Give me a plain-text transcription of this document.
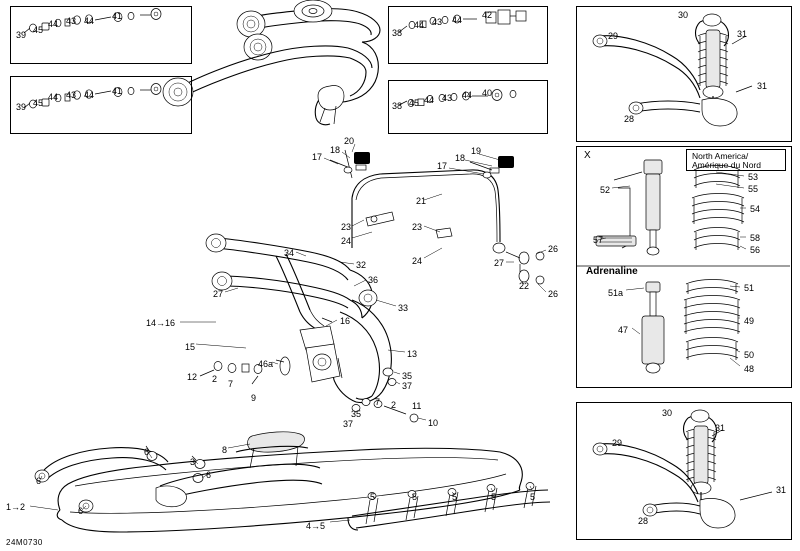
North America/
Amérique du Nord
X
Adrenaline
39 45
44 43 44 41
39 45
44 43 44 41
38
44 43 44 42
38 45 44 43 44 40
20
18
17
19
18
17
21
23
24
23
24
26
27
22
26
34
32
36
27
33
14→16	16
15
46a
13
12 2 7
9
35
37
7 2 11
35
37	10
8
6
3
6
6
6
1→2
4→5
5	5	5	5	5
30
29	31
31
28
52
53
55
54
58
56
57
51a	51
49
47
50
48
30
29
31
31
28
24M0730
